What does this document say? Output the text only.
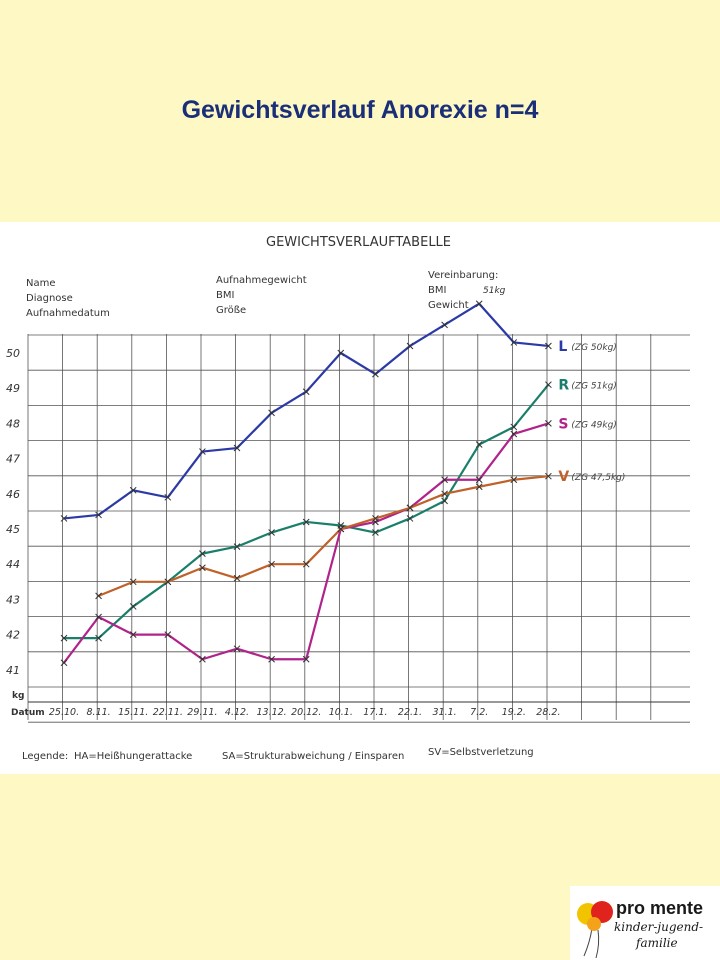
Gewichtsverlauf Anorexie n=4
GEWICHTSVERLAUFTABELLE
Name
Diagnose
Aufnahmedatum
Aufnahmegewicht
BMI
Größe
Vereinbarung:
BMI
Gewicht
51kg
kg
Datum
41
42
43
44
45
46
47
48
49
50
25.10. 8.11. 15.11. 22.11. 29.11. 4.12. 13.12. 20.12. 10.1. 17.1. 22.1. 31.1. 7.2. 19.2. 28.2.
L (ZG 50kg)
R (ZG 51kg)
S (ZG 49kg)
V (ZG 47,5kg)
Legende: HA=Heißhungerattacke	SA=Strukturabweichung / Einsparen SV=Selbstverletzung
pro mente
kinder-jugend-
familie
